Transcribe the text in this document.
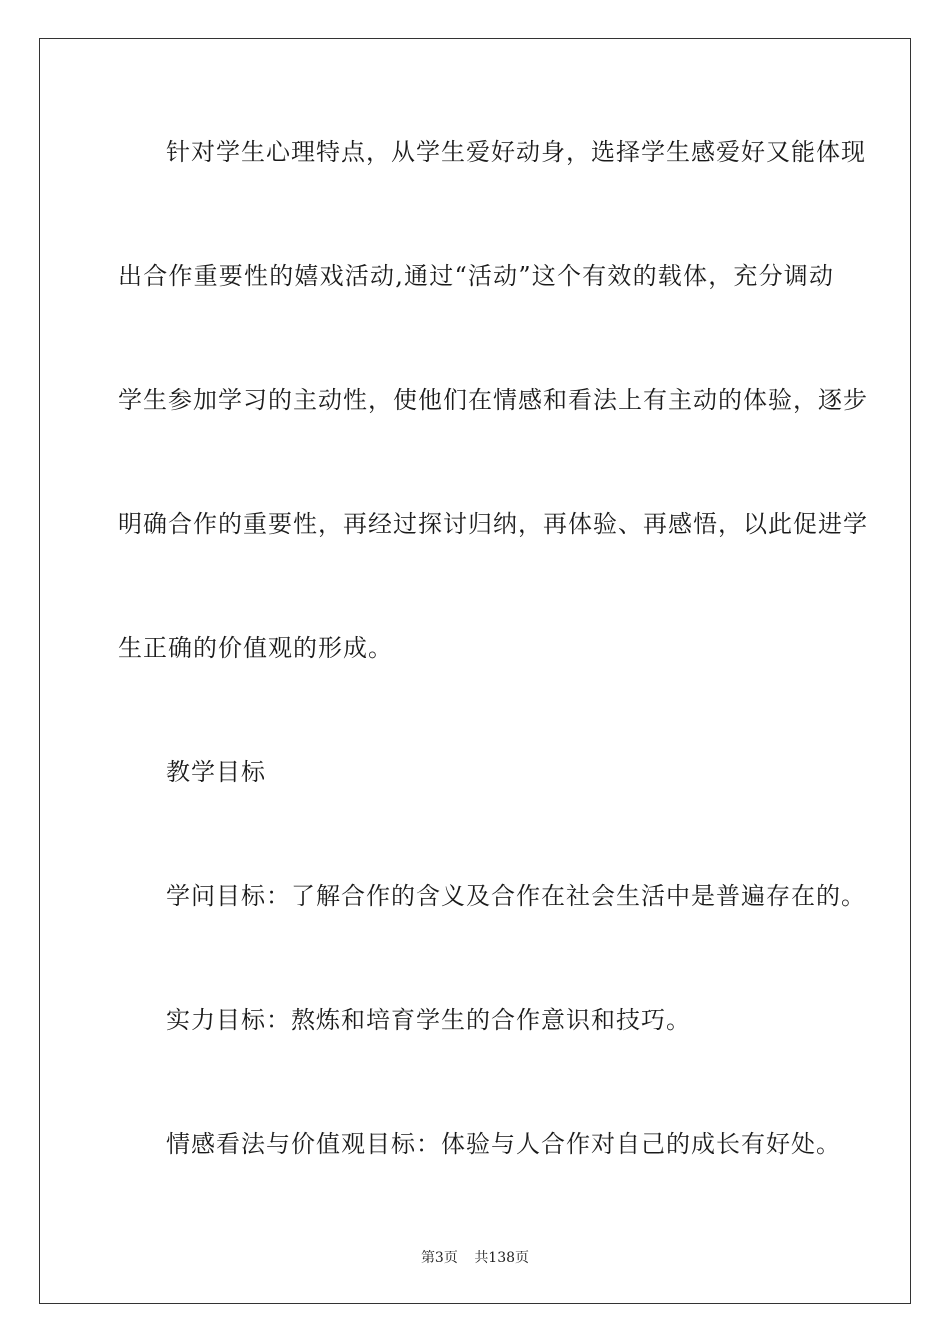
针对学生心理特点，从学生爱好动身，选择学生感爱好又能体现
出合作重要性的嬉戏活动,通过“活动”这个有效的载体，充分调动
学生参加学习的主动性，使他们在情感和看法上有主动的体验，逐步
明确合作的重要性，再经过探讨归纳，再体验、再感悟，以此促进学
生正确的价值观的形成。
教学目标
学问目标：了解合作的含义及合作在社会生活中是普遍存在的。
实力目标：熬炼和培育学生的合作意识和技巧。
情感看法与价值观目标：体验与人合作对自己的成长有好处。
第3页 共138页
